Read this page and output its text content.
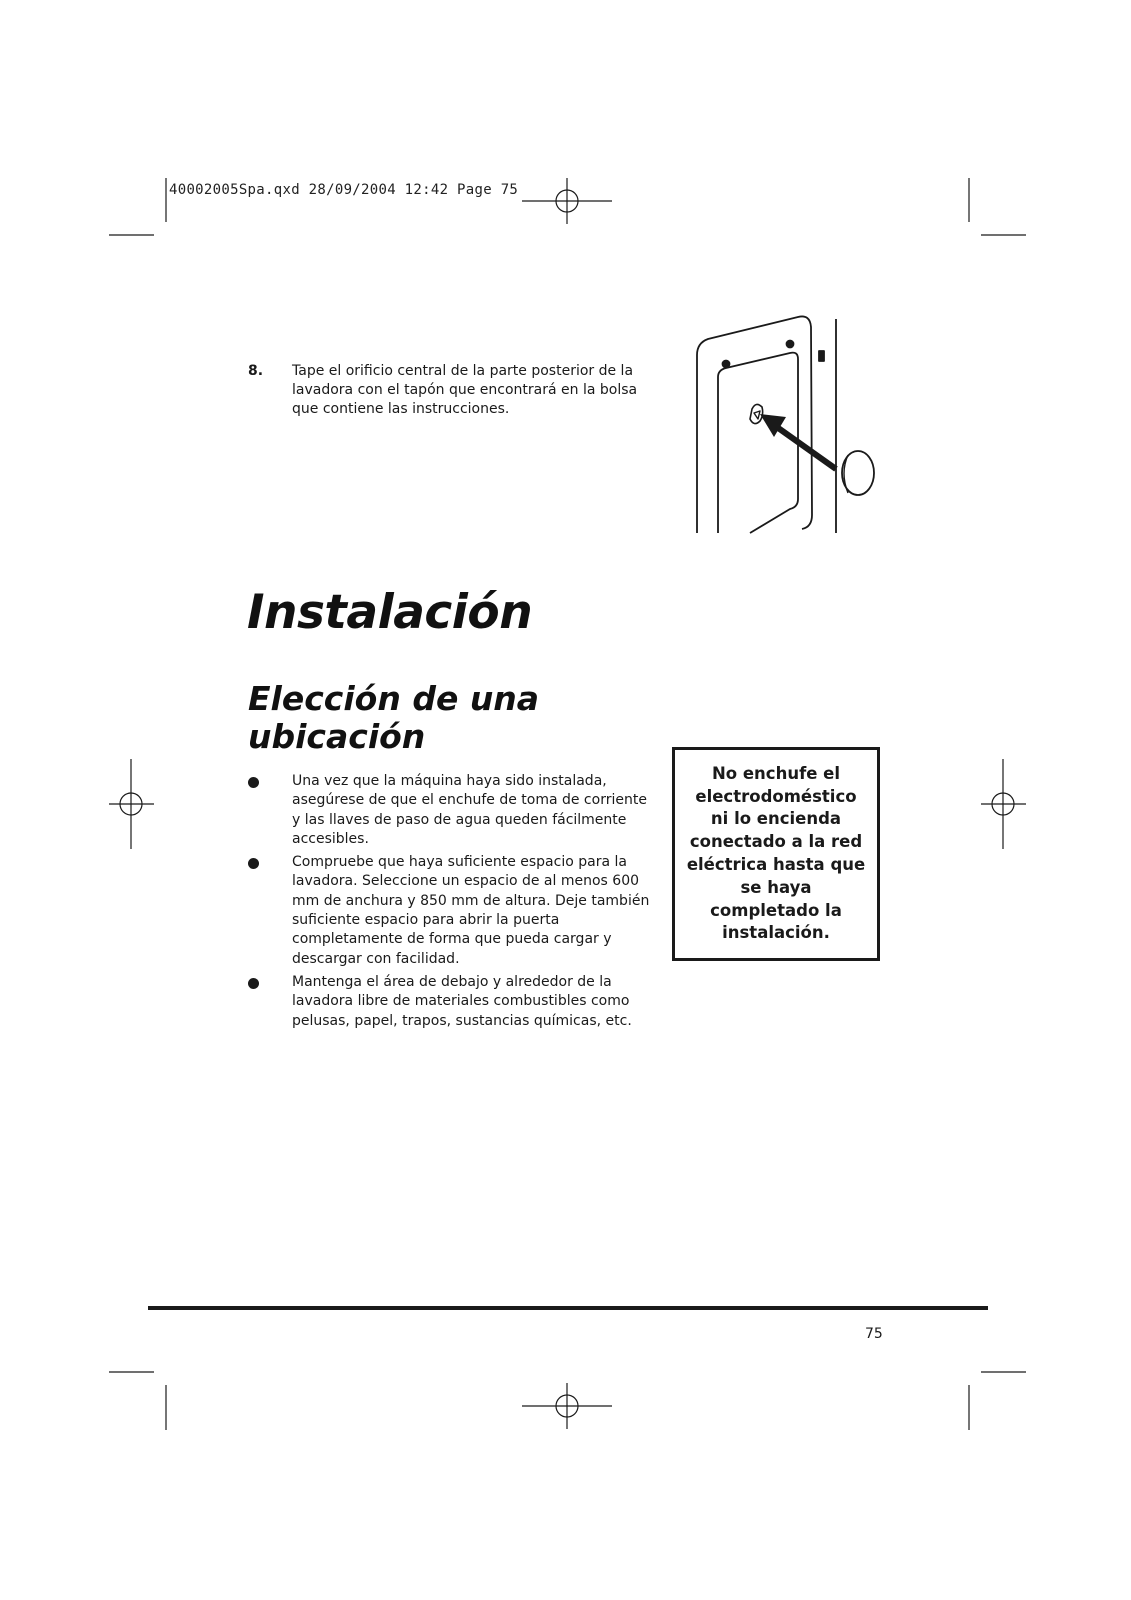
40002005Spa.qxd 28/09/2004 12:42 Page 75
8. Tape el orificio central de la parte posterior de la lavadora con el tapón que encontrará en la bolsa que contiene las instrucciones.
Instalación
Elección de una ubicación
Una vez que la máquina haya sido instalada, asegúrese de que el enchufe de toma de corriente y las llaves de paso de agua queden fácilmente accesibles.
Compruebe que haya suficiente espacio para la lavadora. Seleccione un espacio de al menos 600 mm de anchura y 850 mm de altura. Deje también suficiente espacio para abrir la puerta completamente de forma que pueda cargar y descargar con facilidad.
Mantenga el área de debajo y alrededor de la lavadora libre de materiales combustibles como pelusas, papel, trapos, sustancias químicas, etc.
No enchufe el electrodoméstico ni lo encienda conectado a la red eléctrica hasta que se haya completado la instalación.
75
